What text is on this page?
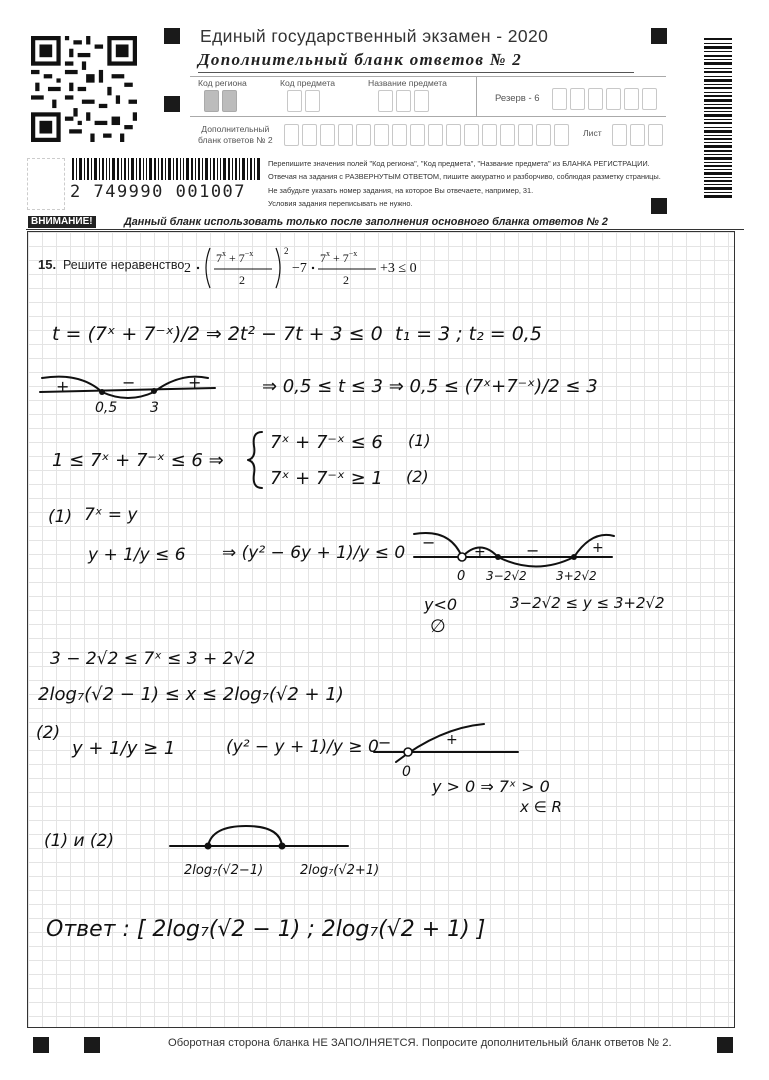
Единый государственный экзамен - 2020
Дополнительный бланк ответов № 2
Код региона	Код предмета	Название предмета
Резерв - 6
Дополнительный
бланк ответов № 2
Лист
2 749990 001007
Перепишите значения полей "Код региона", "Код предмета", "Название предмета" из БЛАНКА РЕГИСТРАЦИИ.
Отвечая на задания с РАЗВЕРНУТЫМ ОТВЕТОМ, пишите аккуратно и разборчиво, соблюдая разметку страницы.
Не забудьте указать номер задания, на которое Вы отвечаете, например, 31.
Условия задания переписывать не нужно.
ВНИМАНИЕ!	Данный бланк использовать только после заполнения основного бланка ответов № 2
15. Решите неравенство 2
$7^x + 7^{-x}$
2
2
−7
$7^x + 7^{-x}$
2
+3 ≤ 0
t = (7ˣ + 7⁻ˣ)/2 ⇒ 2t² − 7t + 3 ≤ 0 t₁ = 3 ; t₂ = 0,5
+	−	+
0,5 3
⇒ 0,5 ≤ t ≤ 3 ⇒ 0,5 ≤ (7ˣ+7⁻ˣ)/2 ≤ 3
1 ≤ 7ˣ + 7⁻ˣ ≤ 6 ⇒
7ˣ + 7⁻ˣ ≤ 6 (1)
7ˣ + 7⁻ˣ ≥ 1 (2)
(1) 7ˣ = y
y + 1/y ≤ 6 ⇒ (y² − 6y + 1)/y ≤ 0
−	+	−	+
0 3−2√2 3+2√2
y<0
∅
3−2√2 ≤ y ≤ 3+2√2
3 − 2√2 ≤ 7ˣ ≤ 3 + 2√2
2log₇(√2 − 1) ≤ x ≤ 2log₇(√2 + 1)
(2)
y + 1/y ≥ 1	(y² − y + 1)/y ≥ 0 −	+
0
y > 0 ⇒ 7ˣ > 0
x ∈ R
(1) и (2)
2log₇(√2−1)	2log₇(√2+1)
Ответ : [ 2log₇(√2 − 1) ; 2log₇(√2 + 1) ]
Оборотная сторона бланка НЕ ЗАПОЛНЯЕТСЯ. Попросите дополнительный бланк ответов № 2.
